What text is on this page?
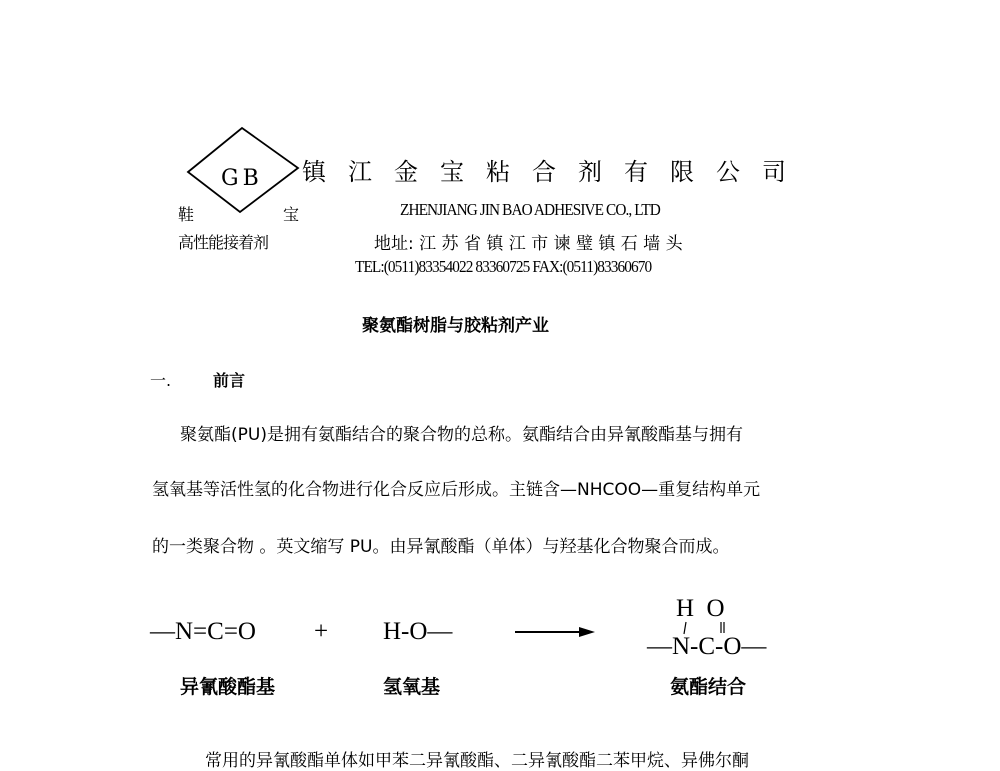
GB
鞋	宝
高性能接着剂
镇江金宝粘合剂有限公司
ZHENJIANG JIN BAO ADHESIVE CO., LTD
地址: 江 苏 省 镇 江 市 谏 璧 镇 石 墙 头
TEL:(0511)83354022 83360725 FAX:(0511)83360670
聚氨酯树脂与胶粘剂产业
一.	前言
聚氨酯(PU)是拥有氨酯结合的聚合物的总称。氨酯结合由异氰酸酯基与拥有
氢氧基等活性氢的化合物进行化合反应后形成。主链含—NHCOO—重复结构单元
的一类聚合物 。英文缩写 PU。由异氰酸酯（单体）与羟基化合物聚合而成。
—N=C=O + H-O—
H  O
—N-C-O—
异氰酸酯基	氢氧基	氨酯结合
常用的异氰酸酯单体如甲苯二异氰酸酯、二异氰酸酯二苯甲烷、异佛尔酮
